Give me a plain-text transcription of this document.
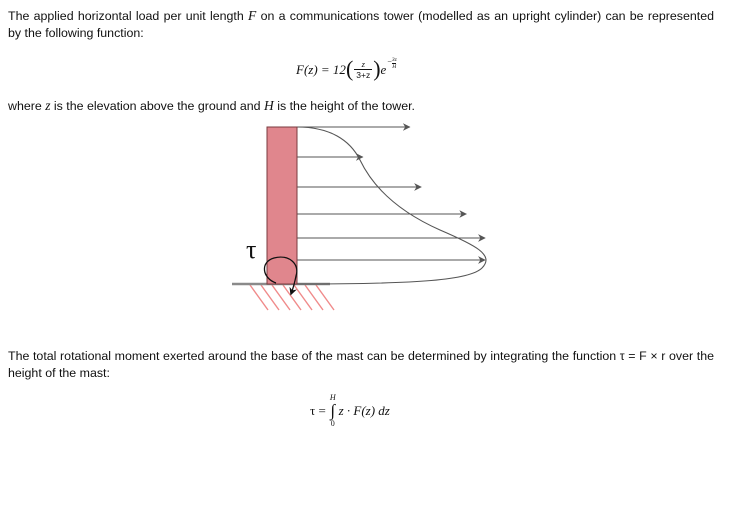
The applied horizontal load per unit length F on a communications tower (modelled as an upright cylinder) can be represented by the following function:

F(z) = 12 ( $\frac{z}{3+z}$ ) e
− $\frac{3z}{H}$

where z is the elevation above the ground and H is the height of the tower.

τ

The total rotational moment exerted around the base of the mast can be determined by integrating the function τ = F × r over the height of the mast:

τ =
H
∫
0
z · F(z) dz
